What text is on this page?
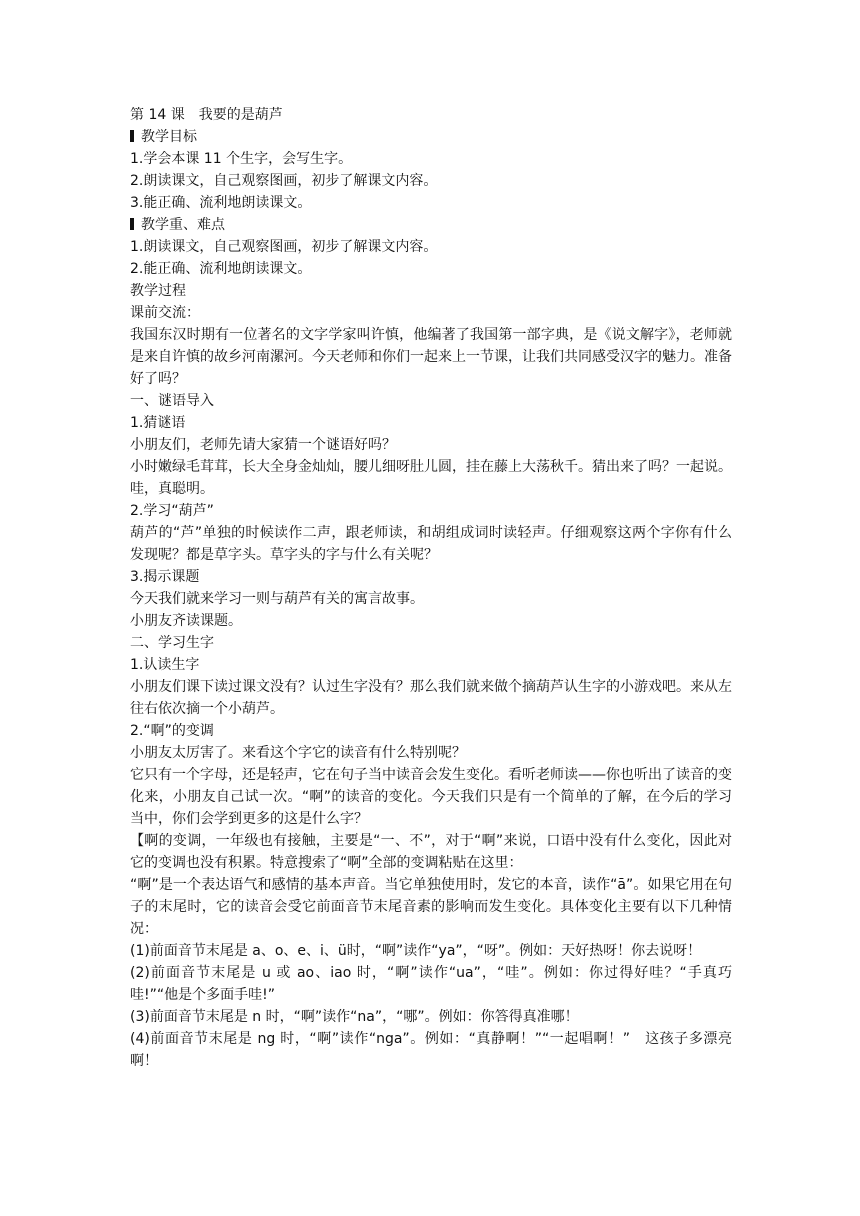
第 14 课　我要的是葫芦
教学目标
1.学会本课 11 个生字，会写生字。
2.朗读课文，自己观察图画，初步了解课文内容。
3.能正确、流利地朗读课文。
教学重、难点
1.朗读课文，自己观察图画，初步了解课文内容。
2.能正确、流利地朗读课文。
教学过程
课前交流：
我国东汉时期有一位著名的文字学家叫许慎，他编著了我国第一部字典，是《说文解字》，老师就是来自许慎的故乡河南漯河。今天老师和你们一起来上一节课，让我们共同感受汉字的魅力。准备好了吗？
一、谜语导入
1.猜谜语
小朋友们，老师先请大家猜一个谜语好吗？
小时嫩绿毛茸茸，长大全身金灿灿，腰儿细呀肚儿圆，挂在藤上大荡秋千。猜出来了吗？一起说。哇，真聪明。
2.学习“葫芦”
葫芦的“芦”单独的时候读作二声，跟老师读，和胡组成词时读轻声。仔细观察这两个字你有什么发现呢？都是草字头。草字头的字与什么有关呢？
3.揭示课题
今天我们就来学习一则与葫芦有关的寓言故事。
小朋友齐读课题。
二、学习生字
1.认读生字
小朋友们课下读过课文没有？认过生字没有？那么我们就来做个摘葫芦认生字的小游戏吧。来从左往右依次摘一个小葫芦。
2.“啊”的变调
小朋友太厉害了。来看这个字它的读音有什么特别呢？
它只有一个字母，还是轻声，它在句子当中读音会发生变化。看听老师读——你也听出了读音的变化来，小朋友自己试一次。“啊”的读音的变化。今天我们只是有一个简单的了解，在今后的学习当中，你们会学到更多的这是什么字？
【啊的变调，一年级也有接触，主要是“一、不”，对于“啊”来说，口语中没有什么变化，因此对它的变调也没有积累。特意搜索了“啊”全部的变调粘贴在这里：
“啊”是一个表达语气和感情的基本声音。当它单独使用时，发它的本音，读作“ā”。如果它用在句子的末尾时，它的读音会受它前面音节末尾音素的影响而发生变化。具体变化主要有以下几种情况：
(1)前面音节末尾是 a、o、e、i、ü时，“啊”读作“ya”，“呀”。例如：天好热呀！你去说呀！
(2)前面音节末尾是 u 或 ao、iao 时，“啊”读作“ua”，“哇”。例如：你过得好哇？“手真巧哇!”“他是个多面手哇!”
(3)前面音节末尾是 n 时，“啊”读作“na”，“哪”。例如：你答得真准哪！
(4)前面音节末尾是 ng 时，“啊”读作“nga”。例如：“真静啊！”“一起唱啊！”　这孩子多漂亮啊！
